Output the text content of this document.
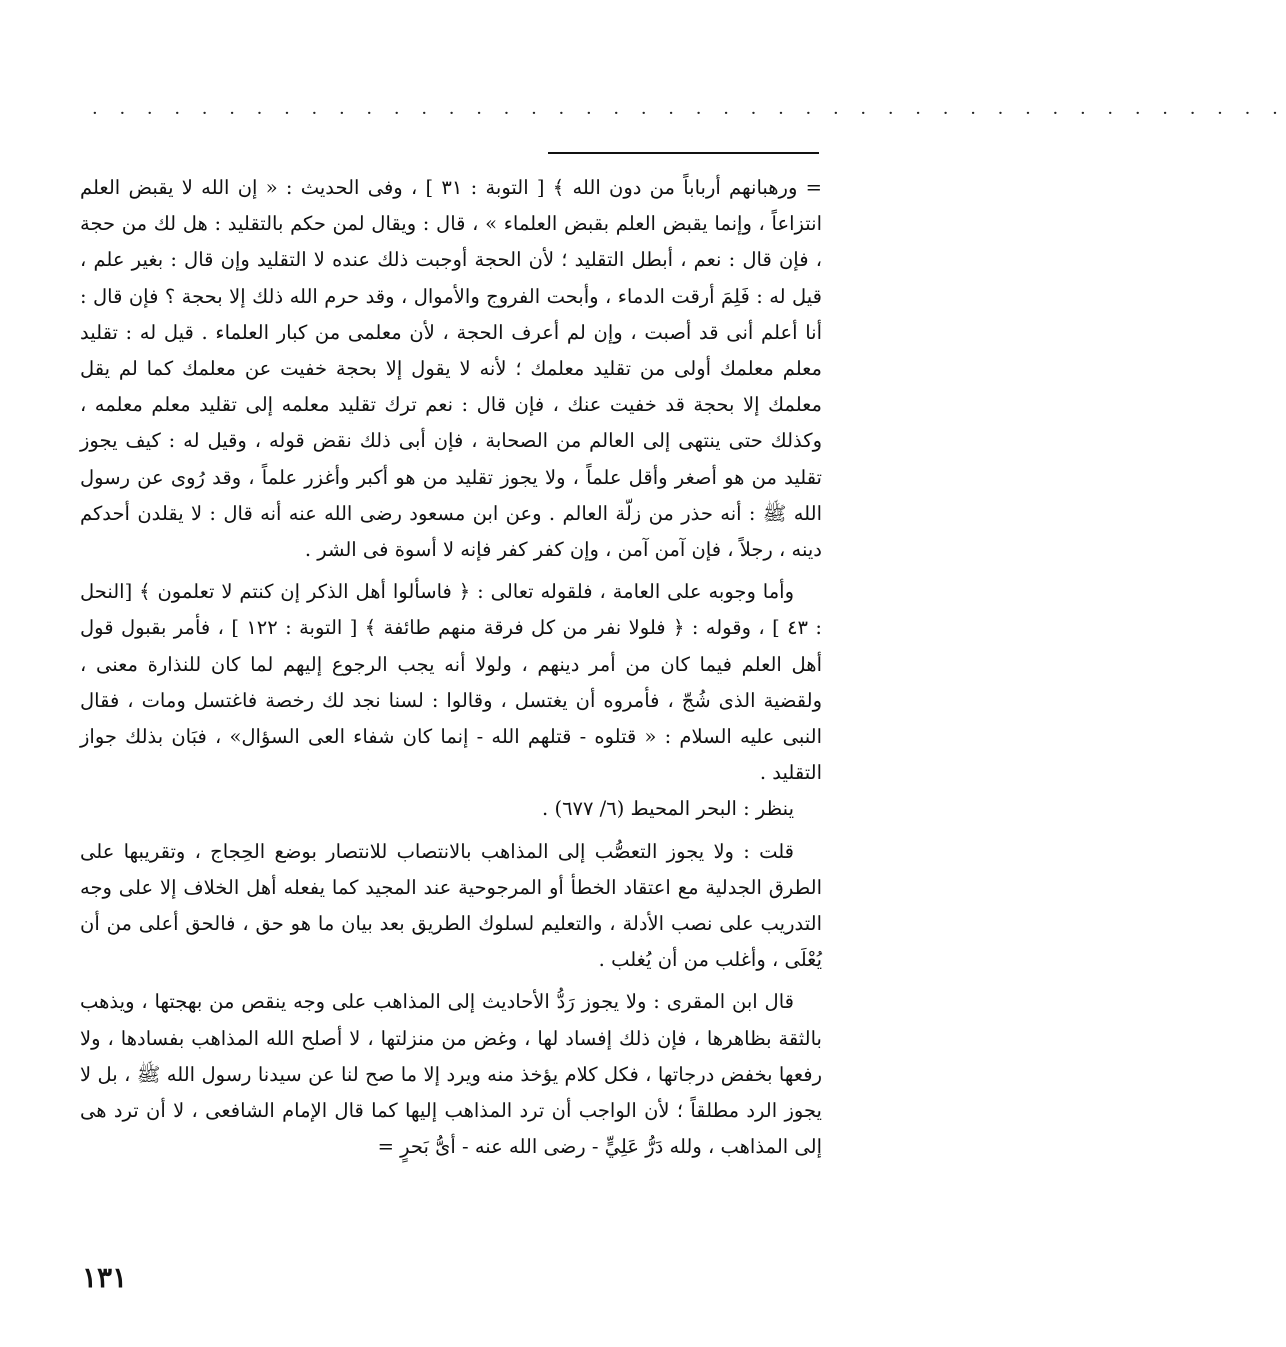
· · · · · · · · · · · · · · · · · · · · · · · · · · · · · · · · · · · · · · · · · · · ·

= ورهبانهم أرباباً من دون الله ﴾ [ التوبة : ٣١ ] ، وفى الحديث : « إن الله لا يقبض العلم انتزاعاً ، وإنما يقبض العلم بقبض العلماء » ، قال : ويقال لمن حكم بالتقليد : هل لك من حجة ، فإن قال : نعم ، أبطل التقليد ؛ لأن الحجة أوجبت ذلك عنده لا التقليد وإن قال : بغير علم ، قيل له : فَلِمَ أرقت الدماء ، وأبحت الفروج والأموال ، وقد حرم الله ذلك إلا بحجة ؟ فإن قال : أنا أعلم أنى قد أصبت ، وإن لم أعرف الحجة ، لأن معلمى من كبار العلماء . قيل له : تقليد معلم معلمك أولى من تقليد معلمك ؛ لأنه لا يقول إلا بحجة خفيت عن معلمك كما لم يقل معلمك إلا بحجة قد خفيت عنك ، فإن قال : نعم ترك تقليد معلمه إلى تقليد معلم معلمه ، وكذلك حتى ينتهى إلى العالم من الصحابة ، فإن أبى ذلك نقض قوله ، وقيل له : كيف يجوز تقليد من هو أصغر وأقل علماً ، ولا يجوز تقليد من هو أكبر وأغزر علماً ، وقد رُوى عن رسول الله ﷺ : أنه حذر من زلّة العالم . وعن ابن مسعود رضى الله عنه أنه قال : لا يقلدن أحدكم دينه ، رجلاً ، فإن آمن آمن ، وإن كفر كفر فإنه لا أسوة فى الشر .

وأما وجوبه على العامة ، فلقوله تعالى : ﴿ فاسألوا أهل الذكر إن كنتم لا تعلمون ﴾ [النحل : ٤٣ ] ، وقوله : ﴿ فلولا نفر من كل فرقة منهم طائفة ﴾ [ التوبة : ١٢٢ ] ، فأمر بقبول قول أهل العلم فيما كان من أمر دينهم ، ولولا أنه يجب الرجوع إليهم لما كان للنذارة معنى ، ولقضية الذى شُجّ ، فأمروه أن يغتسل ، وقالوا : لسنا نجد لك رخصة فاغتسل ومات ، فقال النبى عليه السلام : « قتلوه - قتلهم الله - إنما كان شفاء العى السؤال» ، فبَان بذلك جواز التقليد .

ينظر : البحر المحيط (٦/ ٦٧٧) .

قلت : ولا يجوز التعصُّب إلى المذاهب بالانتصاب للانتصار بوضع الحِجاج ، وتقريبها على الطرق الجدلية مع اعتقاد الخطأ أو المرجوحية عند المجيد كما يفعله أهل الخلاف إلا على وجه التدريب على نصب الأدلة ، والتعليم لسلوك الطريق بعد بيان ما هو حق ، فالحق أعلى من أن يُعْلَى ، وأغلب من أن يُغلب .

قال ابن المقرى : ولا يجوز رَدُّ الأحاديث إلى المذاهب على وجه ينقص من بهجتها ، ويذهب بالثقة بظاهرها ، فإن ذلك إفساد لها ، وغض من منزلتها ، لا أصلح الله المذاهب بفسادها ، ولا رفعها بخفض درجاتها ، فكل كلام يؤخذ منه ويرد إلا ما صح لنا عن سيدنا رسول الله ﷺ ، بل لا يجوز الرد مطلقاً ؛ لأن الواجب أن ترد المذاهب إليها كما قال الإمام الشافعى ، لا أن ترد هى إلى المذاهب ، ولله دَرُّ عَلِيٍّ - رضى الله عنه - أىُّ بَحرٍ =

١٣١
